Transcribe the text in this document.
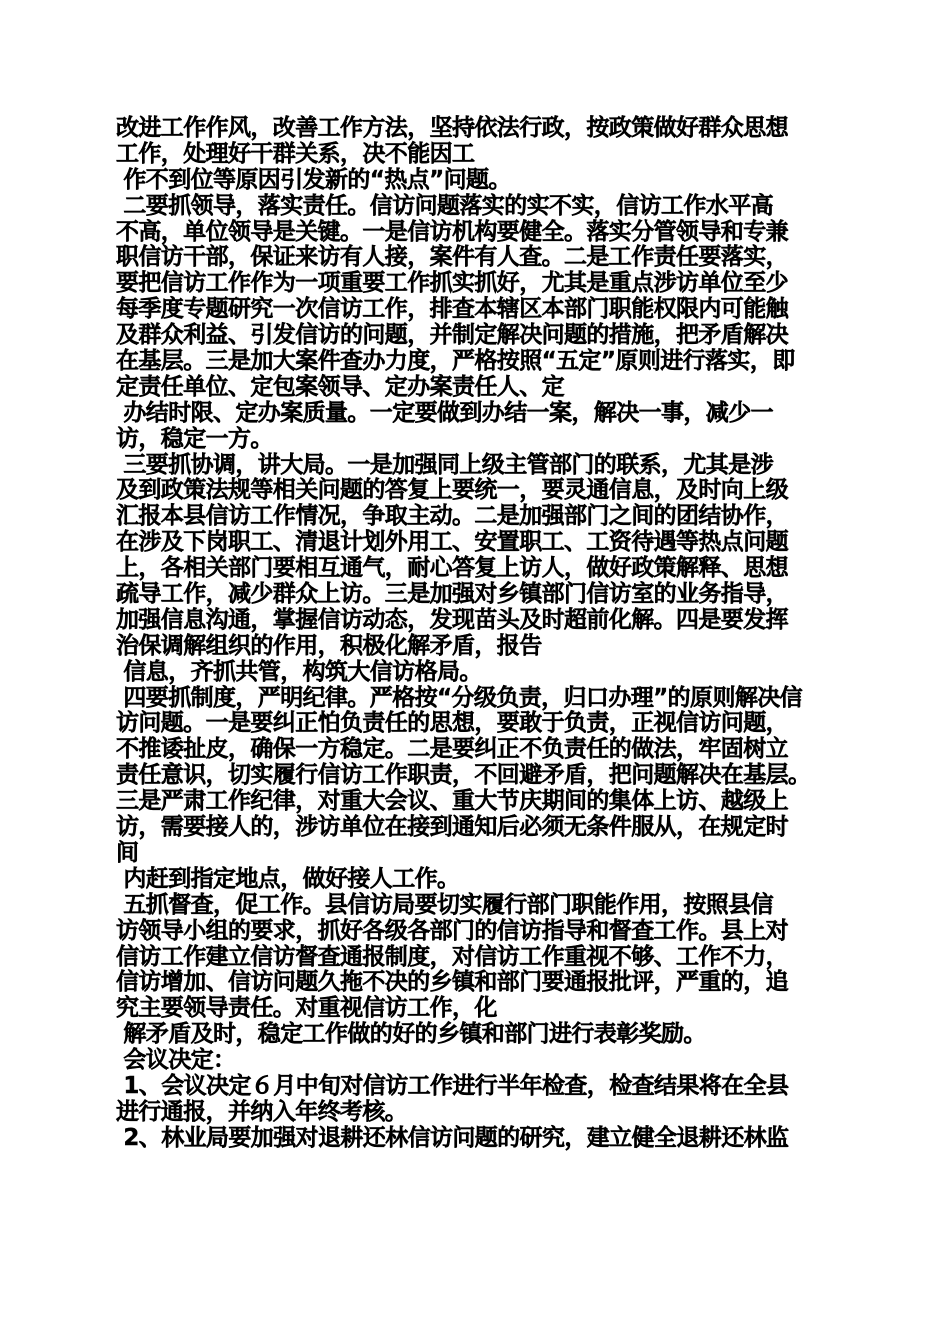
改进工作作风，改善工作方法，坚持依法行政，按政策做好群众思想
工作，处理好干群关系，决不能因工
作不到位等原因引发新的“热点”问题。
二要抓领导，落实责任。信访问题落实的实不实，信访工作水平高
不高，单位领导是关键。一是信访机构要健全。落实分管领导和专兼
职信访干部，保证来访有人接，案件有人查。二是工作责任要落实，
要把信访工作作为一项重要工作抓实抓好，尤其是重点涉访单位至少
每季度专题研究一次信访工作，排查本辖区本部门职能权限内可能触
及群众利益、引发信访的问题，并制定解决问题的措施，把矛盾解决
在基层。三是加大案件查办力度，严格按照“五定”原则进行落实，即
定责任单位、定包案领导、定办案责任人、定
办结时限、定办案质量。一定要做到办结一案，解决一事，减少一
访，稳定一方。
三要抓协调，讲大局。一是加强同上级主管部门的联系，尤其是涉
及到政策法规等相关问题的答复上要统一，要灵通信息，及时向上级
汇报本县信访工作情况，争取主动。二是加强部门之间的团结协作，
在涉及下岗职工、清退计划外用工、安置职工、工资待遇等热点问题
上，各相关部门要相互通气，耐心答复上访人，做好政策解释、思想
疏导工作，减少群众上访。三是加强对乡镇部门信访室的业务指导，
加强信息沟通，掌握信访动态，发现苗头及时超前化解。四是要发挥
治保调解组织的作用，积极化解矛盾，报告
信息，齐抓共管，构筑大信访格局。
四要抓制度，严明纪律。严格按“分级负责，归口办理”的原则解决信
访问题。一是要纠正怕负责任的思想，要敢于负责，正视信访问题，
不推诿扯皮，确保一方稳定。二是要纠正不负责任的做法，牢固树立
责任意识，切实履行信访工作职责，不回避矛盾，把问题解决在基层。
三是严肃工作纪律，对重大会议、重大节庆期间的集体上访、越级上
访，需要接人的，涉访单位在接到通知后必须无条件服从，在规定时
间
内赶到指定地点，做好接人工作。
五抓督查，促工作。县信访局要切实履行部门职能作用，按照县信
访领导小组的要求，抓好各级各部门的信访指导和督查工作。县上对
信访工作建立信访督查通报制度，对信访工作重视不够、工作不力，
信访增加、信访问题久拖不决的乡镇和部门要通报批评，严重的，追
究主要领导责任。对重视信访工作，化
解矛盾及时，稳定工作做的好的乡镇和部门进行表彰奖励。
会议决定：
1、会议决定６月中旬对信访工作进行半年检查，检查结果将在全县
进行通报，并纳入年终考核。
2、林业局要加强对退耕还林信访问题的研究，建立健全退耕还林监
